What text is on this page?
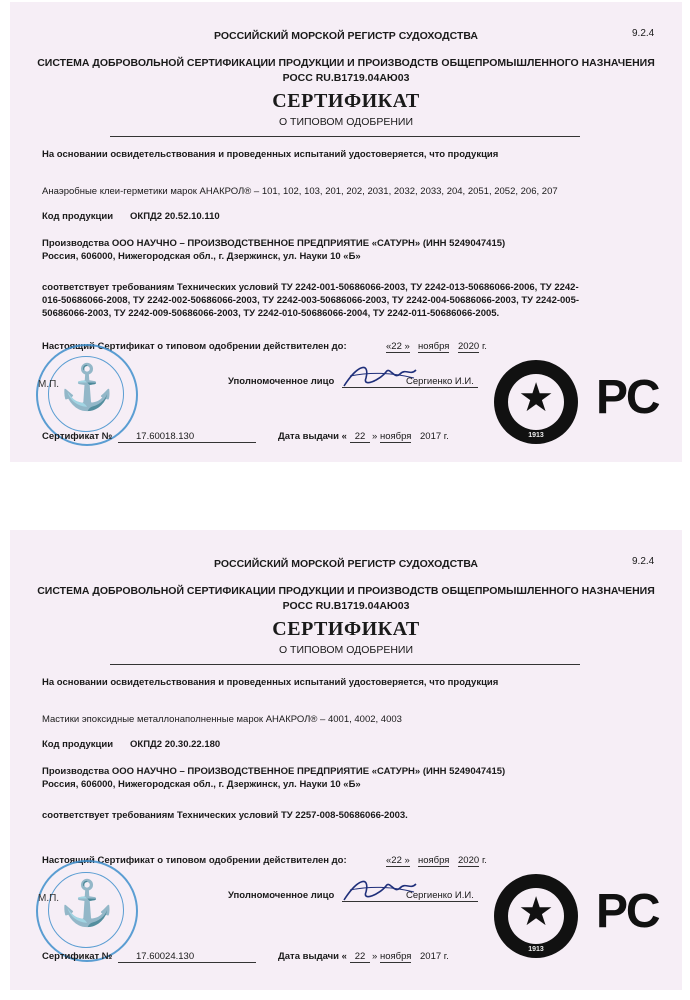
РОССИЙСКИЙ МОРСКОЙ РЕГИСТР СУДОХОДСТВА	9.2.4
СИСТЕМА ДОБРОВОЛЬНОЙ СЕРТИФИКАЦИИ ПРОДУКЦИИ И ПРОИЗВОДСТВ ОБЩЕПРОМЫШЛЕННОГО НАЗНАЧЕНИЯ
РОСС RU.B1719.04АЮ03
СЕРТИФИКАТ
О ТИПОВОМ ОДОБРЕНИИ
На основании освидетельствования и проведенных испытаний удостоверяется, что продукция
Анаэробные клеи-герметики марок АНАКРОЛ® – 101, 102, 103, 201, 202, 2031, 2032, 2033, 204, 2051, 2052, 206, 207
Код продукции ОКПД2 20.52.10.110
Производства ООО НАУЧНО – ПРОИЗВОДСТВЕННОЕ ПРЕДПРИЯТИЕ «САТУРН» (ИНН 5249047415)
Россия, 606000, Нижегородская обл., г. Дзержинск, ул. Науки 10 «Б»
соответствует требованиям Технических условий ТУ 2242-001-50686066-2003, ТУ 2242-013-50686066-2006, ТУ 2242-
016-50686066-2008, ТУ 2242-002-50686066-2003, ТУ 2242-003-50686066-2003, ТУ 2242-004-50686066-2003, ТУ 2242-005-
50686066-2003, ТУ 2242-009-50686066-2003, ТУ 2242-010-50686066-2004, ТУ 2242-011-50686066-2005.
Настоящий Сертификат о типовом одобрении действителен до:	«22 » ноября 2020 г.
⚓
М.П.	Уполномоченное лицо	Сергиенко И.И.
Сертификат №	17.60018.130	Дата выдачи « 22 » ноября 2017 г.
★
1913
РС
РОССИЙСКИЙ МОРСКОЙ РЕГИСТР СУДОХОДСТВА	9.2.4
СИСТЕМА ДОБРОВОЛЬНОЙ СЕРТИФИКАЦИИ ПРОДУКЦИИ И ПРОИЗВОДСТВ ОБЩЕПРОМЫШЛЕННОГО НАЗНАЧЕНИЯ
РОСС RU.B1719.04АЮ03
СЕРТИФИКАТ
О ТИПОВОМ ОДОБРЕНИИ
На основании освидетельствования и проведенных испытаний удостоверяется, что продукция
Мастики эпоксидные металлонаполненные марок АНАКРОЛ® – 4001, 4002, 4003
Код продукции ОКПД2 20.30.22.180
Производства ООО НАУЧНО – ПРОИЗВОДСТВЕННОЕ ПРЕДПРИЯТИЕ «САТУРН» (ИНН 5249047415)
Россия, 606000, Нижегородская обл., г. Дзержинск, ул. Науки 10 «Б»
соответствует требованиям Технических условий ТУ 2257-008-50686066-2003.
Настоящий Сертификат о типовом одобрении действителен до:	«22 » ноября 2020 г.
⚓
М.П.	Уполномоченное лицо	Сергиенко И.И.
Сертификат №	17.60024.130	Дата выдачи « 22 » ноября 2017 г.
★
1913
РС
